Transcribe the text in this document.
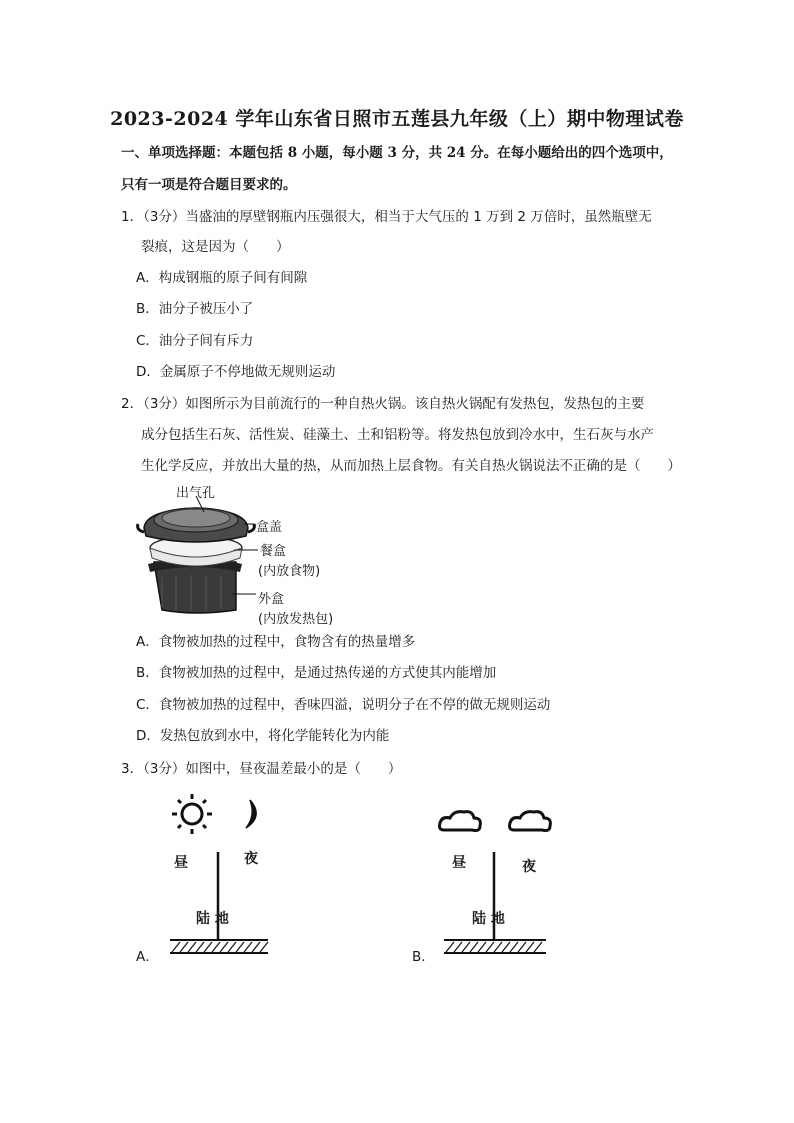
2023-2024 学年山东省日照市五莲县九年级（上）期中物理试卷
一、单项选择题：本题包括 8 小题，每小题 3 分，共 24 分。在每小题给出的四个选项中，
只有一项是符合题目要求的。
1．（3分）当盛油的厚壁钢瓶内压强很大，相当于大气压的 1 万到 2 万倍时，虽然瓶壁无
裂痕，这是因为（　　）
A．构成钢瓶的原子间有间隙
B．油分子被压小了
C．油分子间有斥力
D．金属原子不停地做无规则运动
2．（3分）如图所示为目前流行的一种自热火锅。该自热火锅配有发热包，发热包的主要
成分包括生石灰、活性炭、硅藻土、土和铝粉等。将发热包放到冷水中，生石灰与水产
生化学反应，并放出大量的热，从而加热上层食物。有关自热火锅说法不正确的是（　　）
出气孔
盒盖
餐盒
(内放食物)
外盒
(内放发热包)
A．食物被加热的过程中，食物含有的热量增多
B．食物被加热的过程中，是通过热传递的方式使其内能增加
C．食物被加热的过程中，香味四溢，说明分子在不停的做无规则运动
D．发热包放到水中，将化学能转化为内能
3．（3分）如图中，昼夜温差最小的是（　　）
昼	夜
陆 地
A．
昼	夜
陆 地
B．
